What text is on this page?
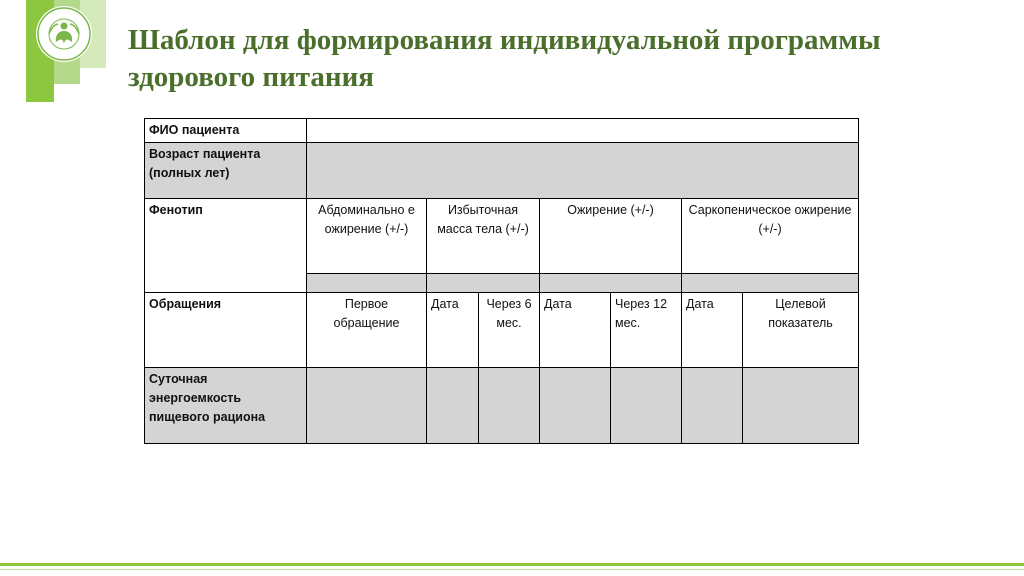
Шаблон для формирования индивидуальной программы здорового питания
ФИО пациента							
Возраст пациента (полных лет)							
Фенотип	Абдоминально е ожирение (+/-)	Избыточная масса тела (+/-)		Ожирение (+/-)		Саркопеническое ожирение (+/-)	

Обращения	Первое обращение	Дата	Через 6 мес.	Дата	Через 12 мес.	Дата	Целевой показатель
Суточная энергоемкость пищевого рациона							
